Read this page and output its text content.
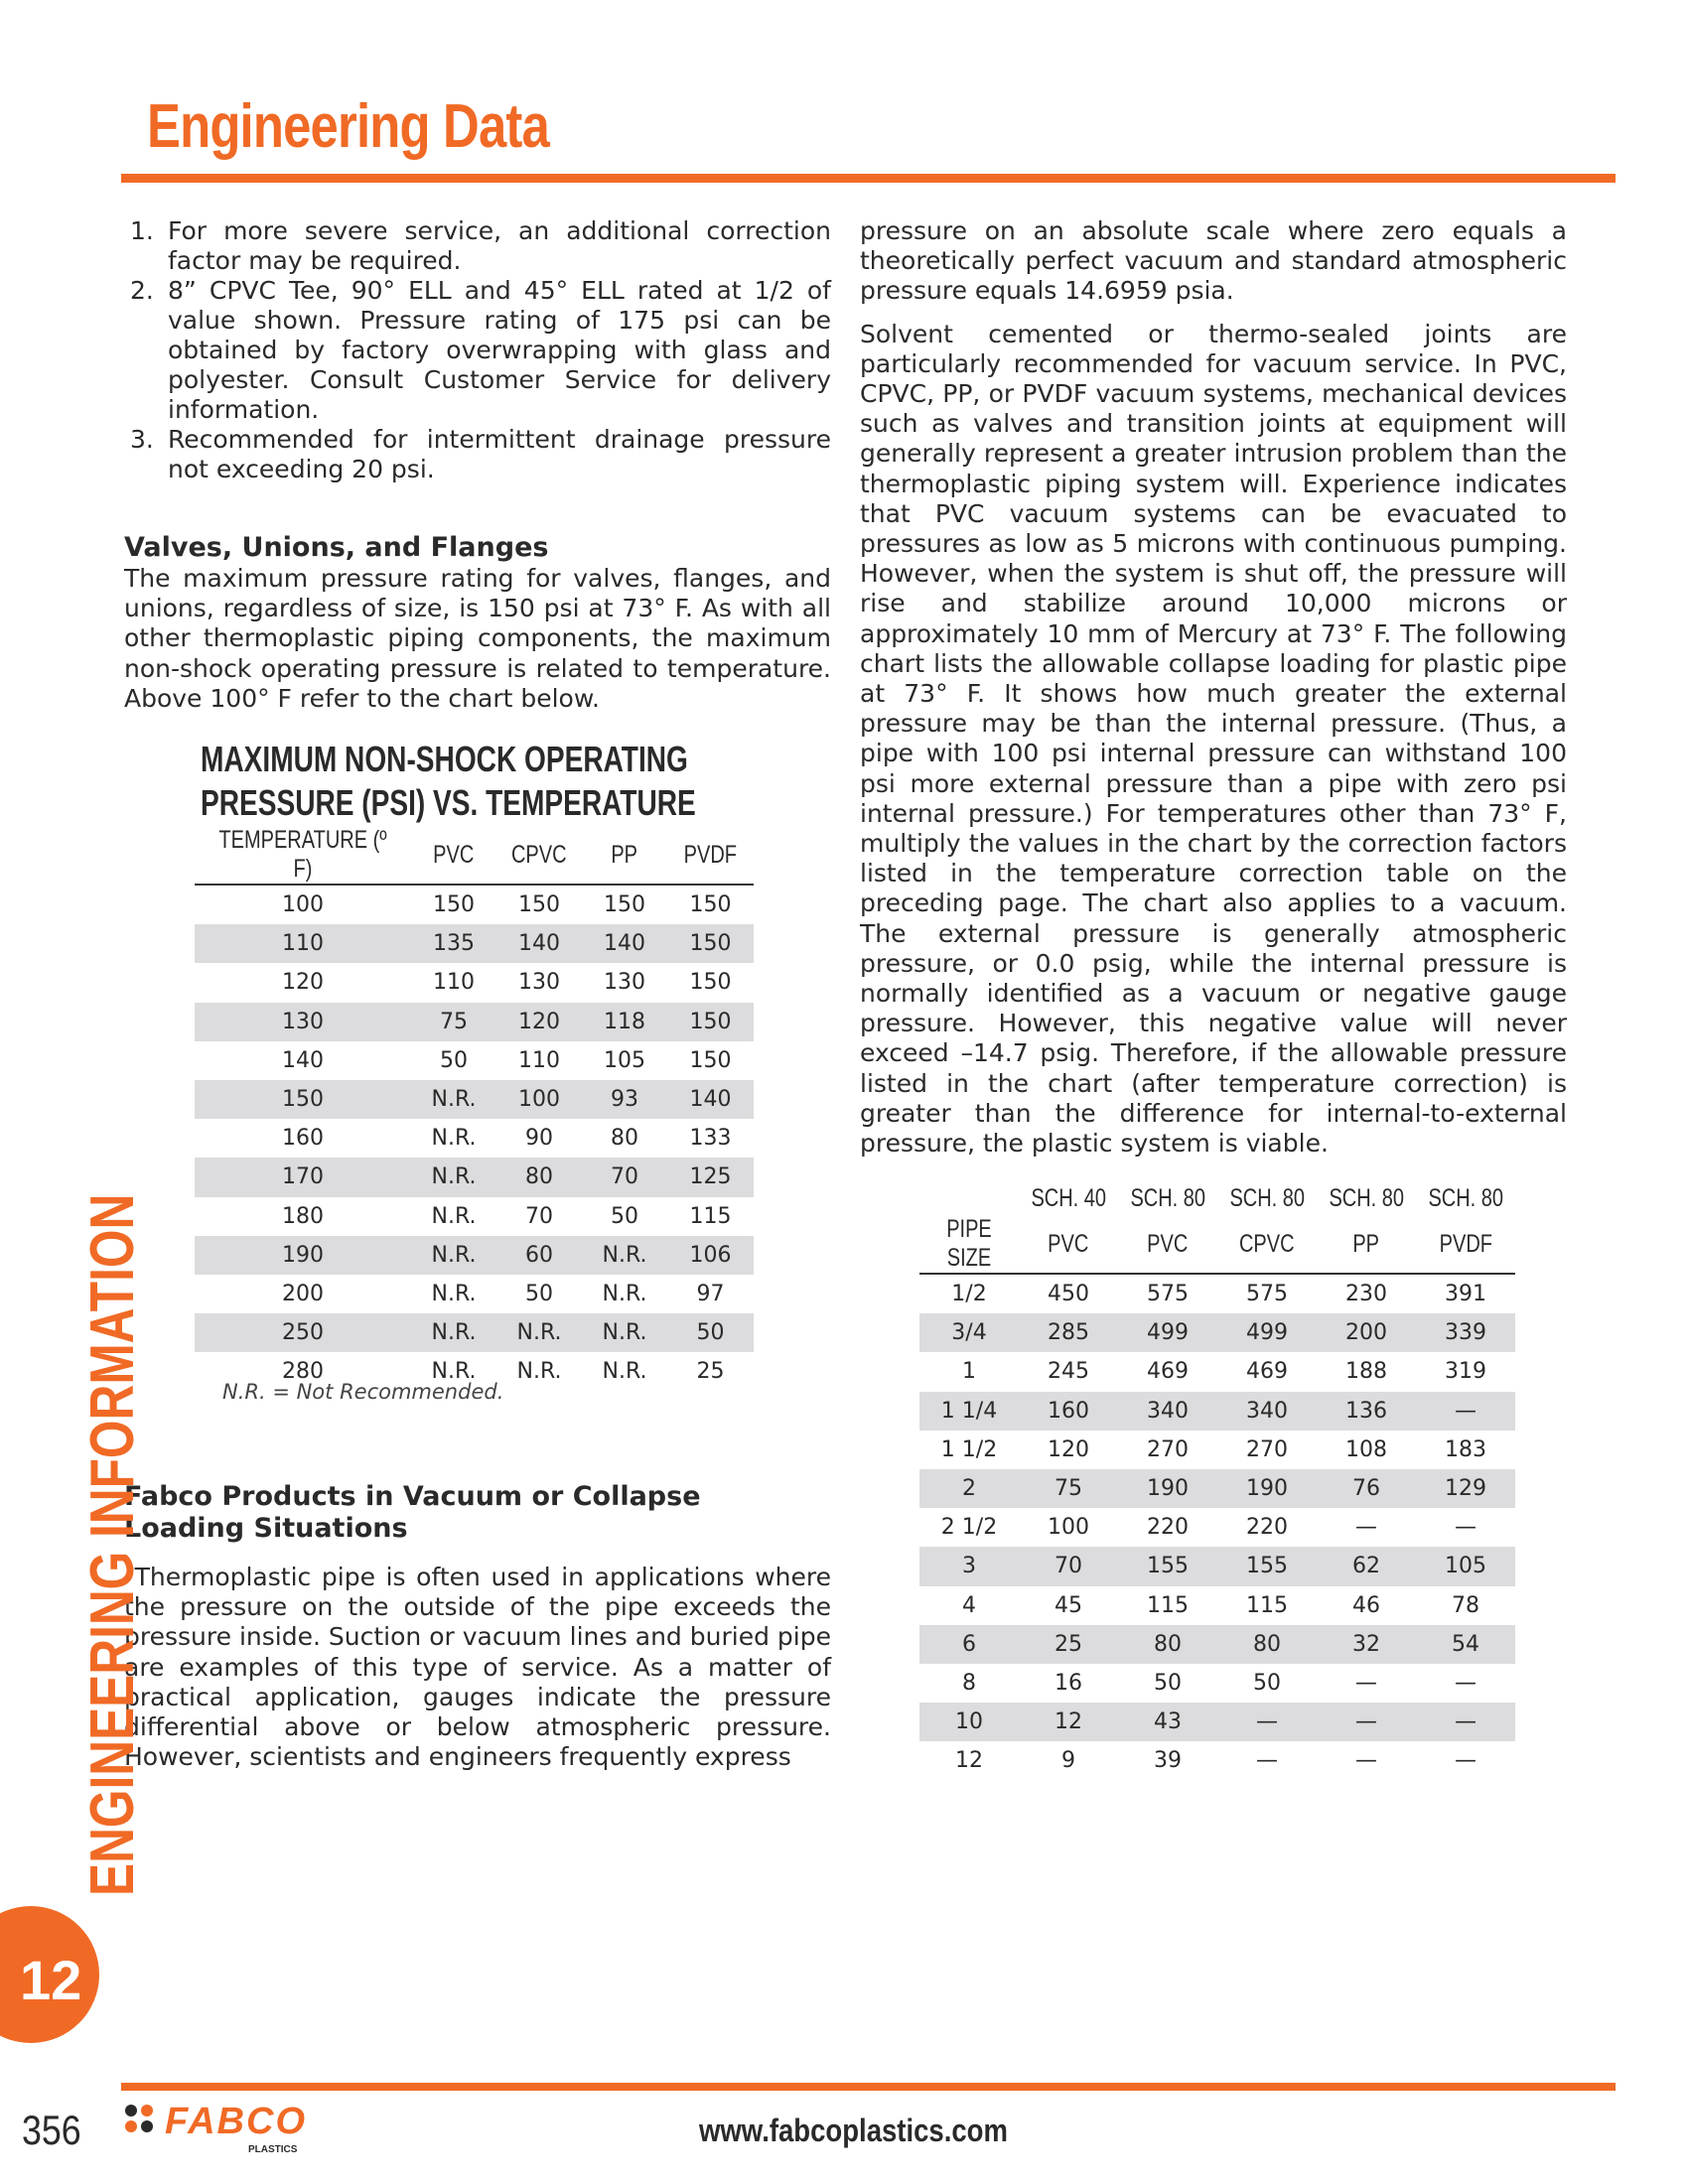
Engineering Data
1. For more severe service, an additional correction factor may be required.
2. 8” CPVC Tee, 90° ELL and 45° ELL rated at 1/2 of value shown. Pressure rating of 175 psi can be obtained by factory overwrapping with glass and polyester. Consult Customer Service for delivery information.
3. Recommended for intermittent drainage pressure not exceeding 20 psi.
Valves, Unions, and Flanges
The maximum pressure rating for valves, flanges, and unions, regardless of size, is 150 psi at 73° F. As with all other thermoplastic piping components, the maximum non-shock operating pressure is related to temperature. Above 100° F refer to the chart below.
MAXIMUM NON-SHOCK OPERATING
PRESSURE (PSI) VS. TEMPERATURE
TEMPERATURE (º F)	PVC	CPVC	PP	PVDF
100	150	150	150	150
110	135	140	140	150
120	110	130	130	150
130	75	120	118	150
140	50	110	105	150
150	N.R.	100	93	140
160	N.R.	90	80	133
170	N.R.	80	70	125
180	N.R.	70	50	115
190	N.R.	60	N.R.	106
200	N.R.	50	N.R.	97
250	N.R.	N.R.	N.R.	50
280	N.R.	N.R.	N.R.	25
N.R. = Not Recommended.
Fabco Products in Vacuum or Collapse
Loading Situations
Thermoplastic pipe is often used in applications where the pressure on the outside of the pipe exceeds the pressure inside. Suction or vacuum lines and buried pipe are examples of this type of service. As a matter of practical application, gauges indicate the pressure differential above or below atmospheric pressure. However, scientists and engineers frequently express
pressure on an absolute scale where zero equals a theoretically perfect vacuum and standard atmospheric pressure equals 14.6959 psia.
Solvent cemented or thermo-sealed joints are particularly recommended for vacuum service. In PVC, CPVC, PP, or PVDF vacuum systems, mechanical devices such as valves and transition joints at equipment will generally represent a greater intrusion problem than the thermoplastic piping system will. Experience indicates that PVC vacuum systems can be evacuated to pressures as low as 5 microns with continuous pumping. However, when the system is shut off, the pressure will rise and stabilize around 10,000 microns or approximately 10 mm of Mercury at 73° F. The following chart lists the allowable collapse loading for plastic pipe at 73° F. It shows how much greater the external pressure may be than the internal pressure. (Thus, a pipe with 100 psi internal pressure can withstand 100 psi more external pressure than a pipe with zero psi internal pressure.) For temperatures other than 73° F, multiply the values in the chart by the correction factors listed in the temperature correction table on the preceding page. The chart also applies to a vacuum. The external pressure is generally atmospheric pressure, or 0.0 psig, while the internal pressure is normally identified as a vacuum or negative gauge pressure. However, this negative value will never exceed –14.7 psig. Therefore, if the allowable pressure listed in the chart (after temperature correction) is greater than the difference for internal-to-external pressure, the plastic system is viable.
	SCH. 40	SCH. 80	SCH. 80	SCH. 80	SCH. 80
PIPE SIZE	PVC	PVC	CPVC	PP	PVDF
1/2	450	575	575	230	391
3/4	285	499	499	200	339
1	245	469	469	188	319
1 1/4	160	340	340	136	—
1 1/2	120	270	270	108	183
2	75	190	190	76	129
2 1/2	100	220	220	—	—
3	70	155	155	62	105
4	45	115	115	46	78
6	25	80	80	32	54
8	16	50	50	—	—
10	12	43	—	—	—
12	9	39	—	—	—
ENGINEERING INFORMATION
12
356 FABCO
PLASTICS
www.fabcoplastics.com
